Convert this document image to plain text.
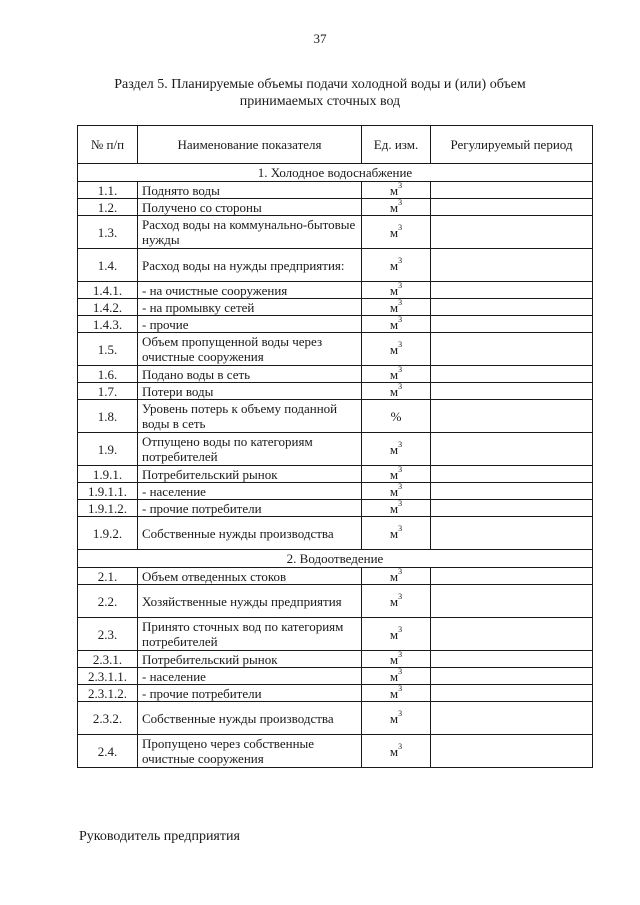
37
Раздел 5. Планируемые объемы подачи холодной воды и (или) объем
принимаемых сточных вод
№ п/п	Наименование показателя	Ед. изм.	Регулируемый период
1. Холодное водоснабжение			
1.1.	Поднято воды	$м^3$	
1.2.	Получено со стороны	$м^3$	
1.3.	Расход воды на коммунально-бытовые нужды	$м^3$	
1.4.	Расход воды на нужды предприятия:	$м^3$	
1.4.1.	- на очистные сооружения	$м^3$	
1.4.2.	- на промывку сетей	$м^3$	
1.4.3.	- прочие	$м^3$	
1.5.	Объем пропущенной воды через очистные сооружения	$м^3$	
1.6.	Подано воды в сеть	$м^3$	
1.7.	Потери воды	$м^3$	
1.8.	Уровень потерь к объему поданной воды в сеть	%	
1.9.	Отпущено воды по категориям потребителей	$м^3$	
1.9.1.	Потребительский рынок	$м^3$	
1.9.1.1.	- население	$м^3$	
1.9.1.2.	- прочие потребители	$м^3$	
1.9.2.	Собственные нужды производства	$м^3$	
2. Водоотведение			
2.1.	Объем отведенных стоков	$м^3$	
2.2.	Хозяйственные нужды предприятия	$м^3$	
2.3.	Принято сточных вод по категориям потребителей	$м^3$	
2.3.1.	Потребительский рынок	$м^3$	
2.3.1.1.	- население	$м^3$	
2.3.1.2.	- прочие потребители	$м^3$	
2.3.2.	Собственные нужды производства	$м^3$	
2.4.	Пропущено через собственные очистные сооружения	$м^3$	
Руководитель предприятия
